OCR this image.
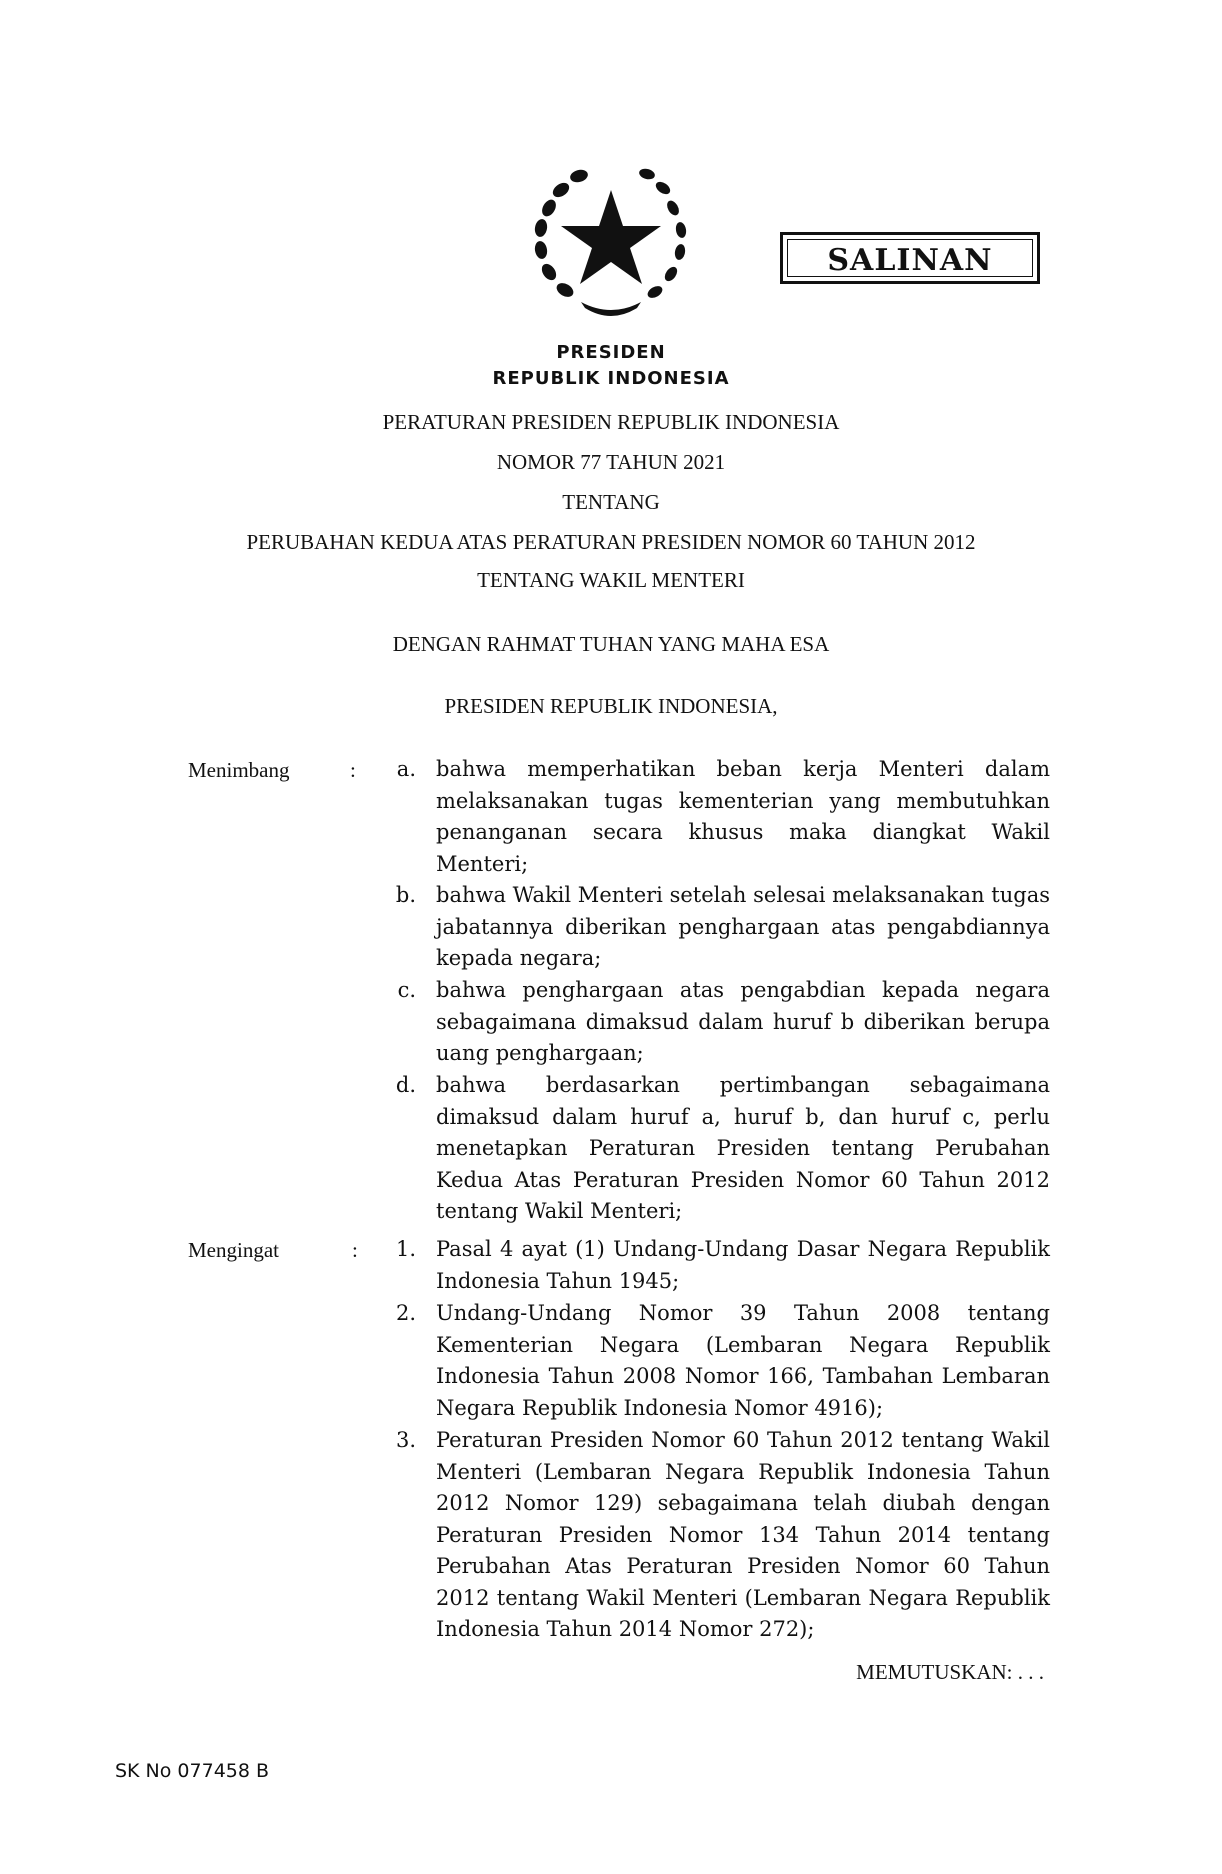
SALINAN
PRESIDEN
REPUBLIK INDONESIA
PERATURAN PRESIDEN REPUBLIK INDONESIA
NOMOR 77 TAHUN 2021
TENTANG
PERUBAHAN KEDUA ATAS PERATURAN PRESIDEN NOMOR 60 TAHUN 2012
TENTANG WAKIL MENTERI
DENGAN RAHMAT TUHAN YANG MAHA ESA
PRESIDEN REPUBLIK INDONESIA,
Menimbang	:	a. bahwa memperhatikan beban kerja Menteri dalam melaksanakan tugas kementerian yang membutuhkan penanganan secara khusus maka diangkat Wakil Menteri;
b. bahwa Wakil Menteri setelah selesai melaksanakan tugas jabatannya diberikan penghargaan atas pengabdiannya kepada negara;
c. bahwa penghargaan atas pengabdian kepada negara sebagaimana dimaksud dalam huruf b diberikan berupa uang penghargaan;
d. bahwa berdasarkan pertimbangan sebagaimana dimaksud dalam huruf a, huruf b, dan huruf c, perlu menetapkan Peraturan Presiden tentang Perubahan Kedua Atas Peraturan Presiden Nomor 60 Tahun 2012 tentang Wakil Menteri;
Mengingat	:	1. Pasal 4 ayat (1) Undang-Undang Dasar Negara Republik Indonesia Tahun 1945;
2. Undang-Undang Nomor 39 Tahun 2008 tentang Kementerian Negara (Lembaran Negara Republik Indonesia Tahun 2008 Nomor 166, Tambahan Lembaran Negara Republik Indonesia Nomor 4916);
3. Peraturan Presiden Nomor 60 Tahun 2012 tentang Wakil Menteri (Lembaran Negara Republik Indonesia Tahun 2012 Nomor 129) sebagaimana telah diubah dengan Peraturan Presiden Nomor 134 Tahun 2014 tentang Perubahan Atas Peraturan Presiden Nomor 60 Tahun 2012 tentang Wakil Menteri (Lembaran Negara Republik Indonesia Tahun 2014 Nomor 272);
MEMUTUSKAN: . . .
SK No 077458 B
